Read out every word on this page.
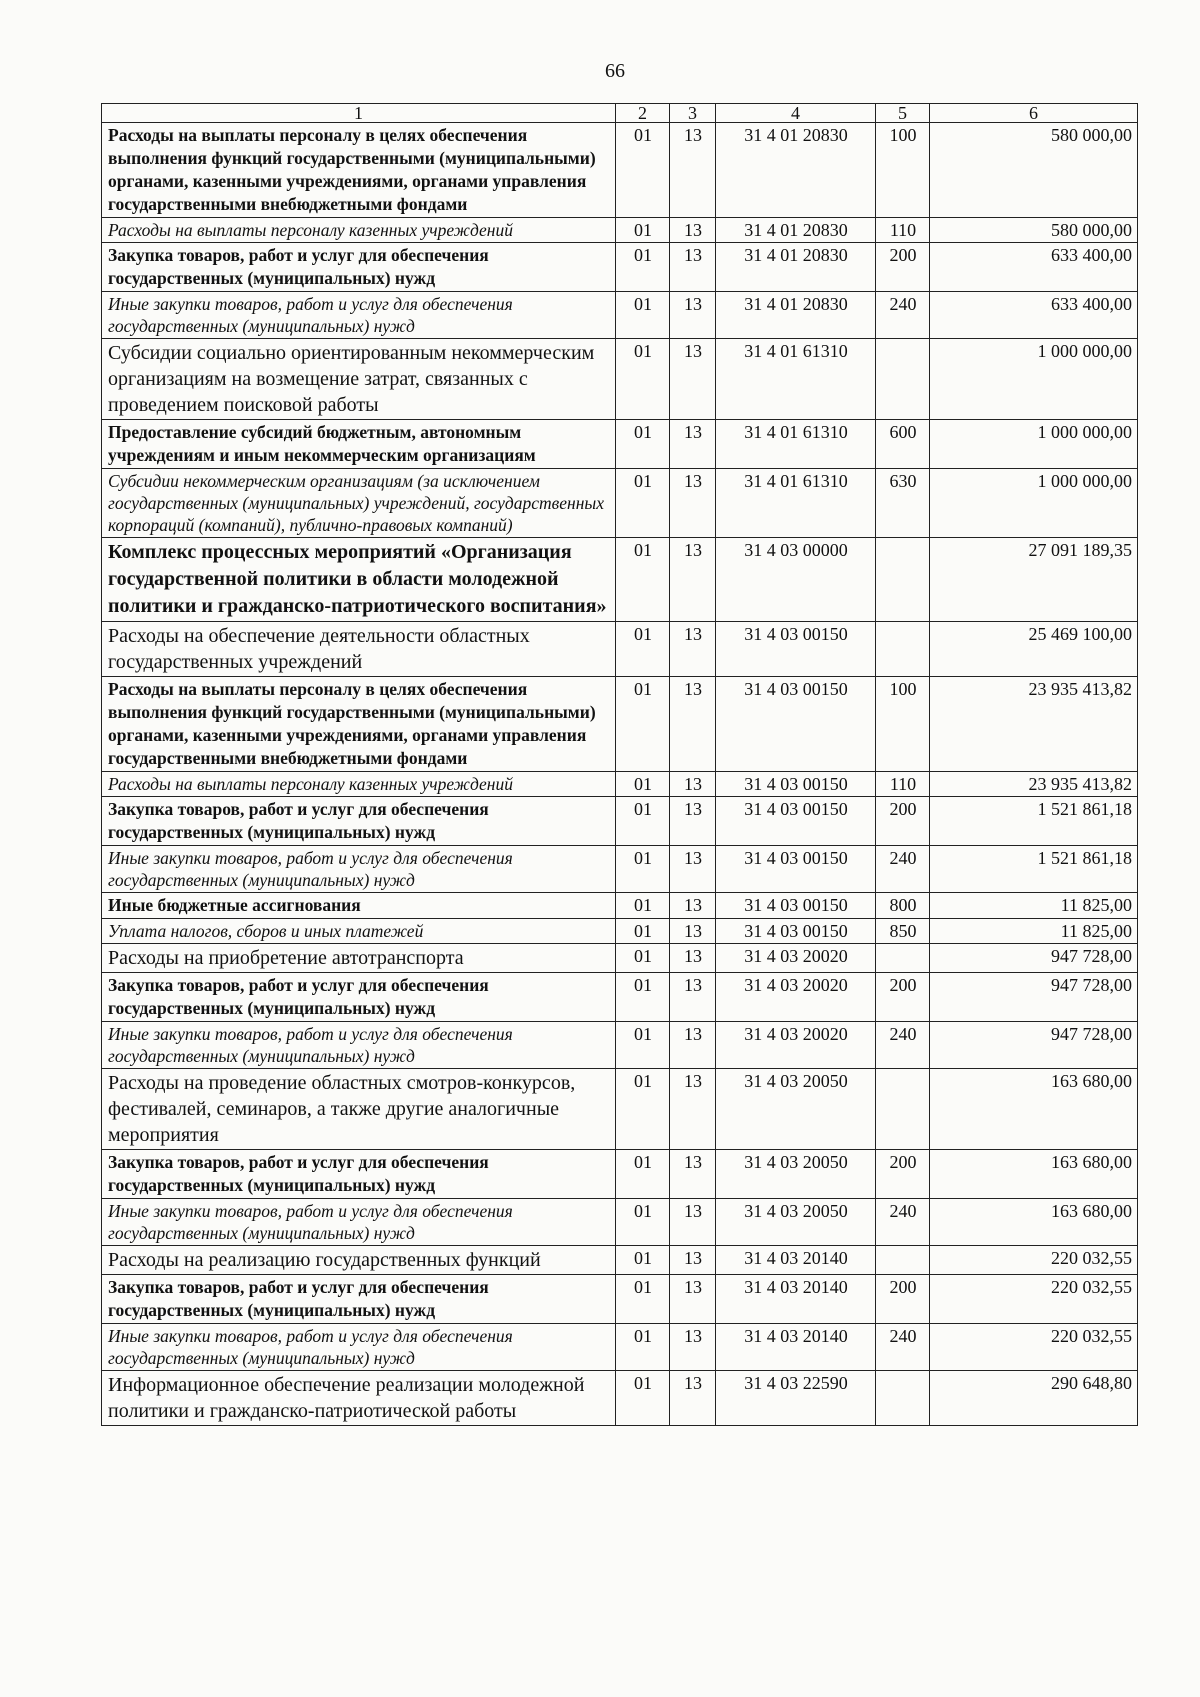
66
1	2	3	4	5	6
Расходы на выплаты персоналу в целях обеспечения выполнения функций государственными (муниципальными) органами, казенными учреждениями, органами управления государственными внебюджетными фондами	01	13	31 4 01 20830	100	580 000,00
Расходы на выплаты персоналу казенных учреждений	01	13	31 4 01 20830	110	580 000,00
Закупка товаров, работ и услуг для обеспечения государственных (муниципальных) нужд	01	13	31 4 01 20830	200	633 400,00
Иные закупки товаров, работ и услуг для обеспечения государственных (муниципальных) нужд	01	13	31 4 01 20830	240	633 400,00
Субсидии социально ориентированным некоммерческим организациям на возмещение затрат, связанных с проведением поисковой работы	01	13	31 4 01 61310		1 000 000,00
Предоставление субсидий бюджетным, автономным учреждениям и иным некоммерческим организациям	01	13	31 4 01 61310	600	1 000 000,00
Субсидии некоммерческим организациям (за исключением государственных (муниципальных) учреждений, государственных корпораций (компаний), публично-правовых компаний)	01	13	31 4 01 61310	630	1 000 000,00
Комплекс процессных мероприятий «Организация государственной политики в области молодежной политики и гражданско-патриотического воспитания»	01	13	31 4 03 00000		27 091 189,35
Расходы на обеспечение деятельности областных государственных учреждений	01	13	31 4 03 00150		25 469 100,00
Расходы на выплаты персоналу в целях обеспечения выполнения функций государственными (муниципальными) органами, казенными учреждениями, органами управления государственными внебюджетными фондами	01	13	31 4 03 00150	100	23 935 413,82
Расходы на выплаты персоналу казенных учреждений	01	13	31 4 03 00150	110	23 935 413,82
Закупка товаров, работ и услуг для обеспечения государственных (муниципальных) нужд	01	13	31 4 03 00150	200	1 521 861,18
Иные закупки товаров, работ и услуг для обеспечения государственных (муниципальных) нужд	01	13	31 4 03 00150	240	1 521 861,18
Иные бюджетные ассигнования	01	13	31 4 03 00150	800	11 825,00
Уплата налогов, сборов и иных платежей	01	13	31 4 03 00150	850	11 825,00
Расходы на приобретение автотранспорта	01	13	31 4 03 20020		947 728,00
Закупка товаров, работ и услуг для обеспечения государственных (муниципальных) нужд	01	13	31 4 03 20020	200	947 728,00
Иные закупки товаров, работ и услуг для обеспечения государственных (муниципальных) нужд	01	13	31 4 03 20020	240	947 728,00
Расходы на проведение областных смотров-конкурсов, фестивалей, семинаров, а также другие аналогичные мероприятия	01	13	31 4 03 20050		163 680,00
Закупка товаров, работ и услуг для обеспечения государственных (муниципальных) нужд	01	13	31 4 03 20050	200	163 680,00
Иные закупки товаров, работ и услуг для обеспечения государственных (муниципальных) нужд	01	13	31 4 03 20050	240	163 680,00
Расходы на реализацию государственных функций	01	13	31 4 03 20140		220 032,55
Закупка товаров, работ и услуг для обеспечения государственных (муниципальных) нужд	01	13	31 4 03 20140	200	220 032,55
Иные закупки товаров, работ и услуг для обеспечения государственных (муниципальных) нужд	01	13	31 4 03 20140	240	220 032,55
Информационное обеспечение реализации молодежной политики и гражданско-патриотической работы	01	13	31 4 03 22590		290 648,80
